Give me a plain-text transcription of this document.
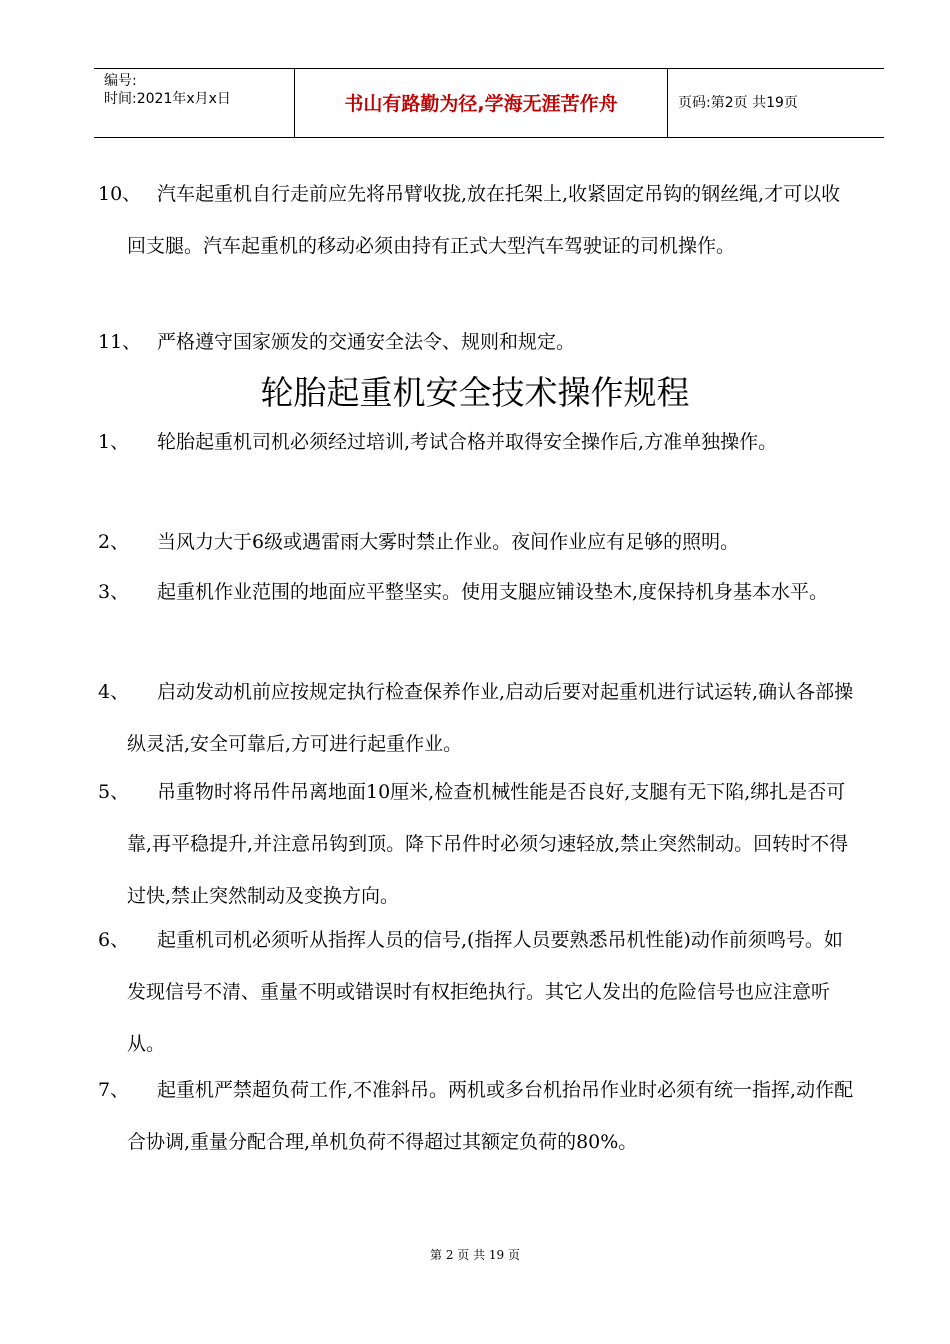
编号:
时间:2021年x月x日	书山有路勤为径,学海无涯苦作舟	页码:第2页 共19页
10、 汽车起重机自行走前应先将吊臂收拢,放在托架上,收紧固定吊钩的钢丝绳,才可以收回支腿。汽车起重机的移动必须由持有正式大型汽车驾驶证的司机操作。
11、 严格遵守国家颁发的交通安全法令、规则和规定。
轮胎起重机安全技术操作规程
1、	轮胎起重机司机必须经过培训,考试合格并取得安全操作后,方准单独操作。
2、	当风力大于6级或遇雷雨大雾时禁止作业。夜间作业应有足够的照明。
3、	起重机作业范围的地面应平整坚实。使用支腿应铺设垫木,度保持机身基本水平。
4、	启动发动机前应按规定执行检查保养作业,启动后要对起重机进行试运转,确认各部操纵灵活,安全可靠后,方可进行起重作业。
5、	吊重物时将吊件吊离地面10厘米,检查机械性能是否良好,支腿有无下陷,绑扎是否可靠,再平稳提升,并注意吊钩到顶。降下吊件时必须匀速轻放,禁止突然制动。回转时不得过快,禁止突然制动及变换方向。
6、	起重机司机必须听从指挥人员的信号,(指挥人员要熟悉吊机性能)动作前须鸣号。如发现信号不清、重量不明或错误时有权拒绝执行。其它人发出的危险信号也应注意听从。
7、	起重机严禁超负荷工作,不准斜吊。两机或多台机抬吊作业时必须有统一指挥,动作配合协调,重量分配合理,单机负荷不得超过其额定负荷的80%。
第 2 页 共 19 页
